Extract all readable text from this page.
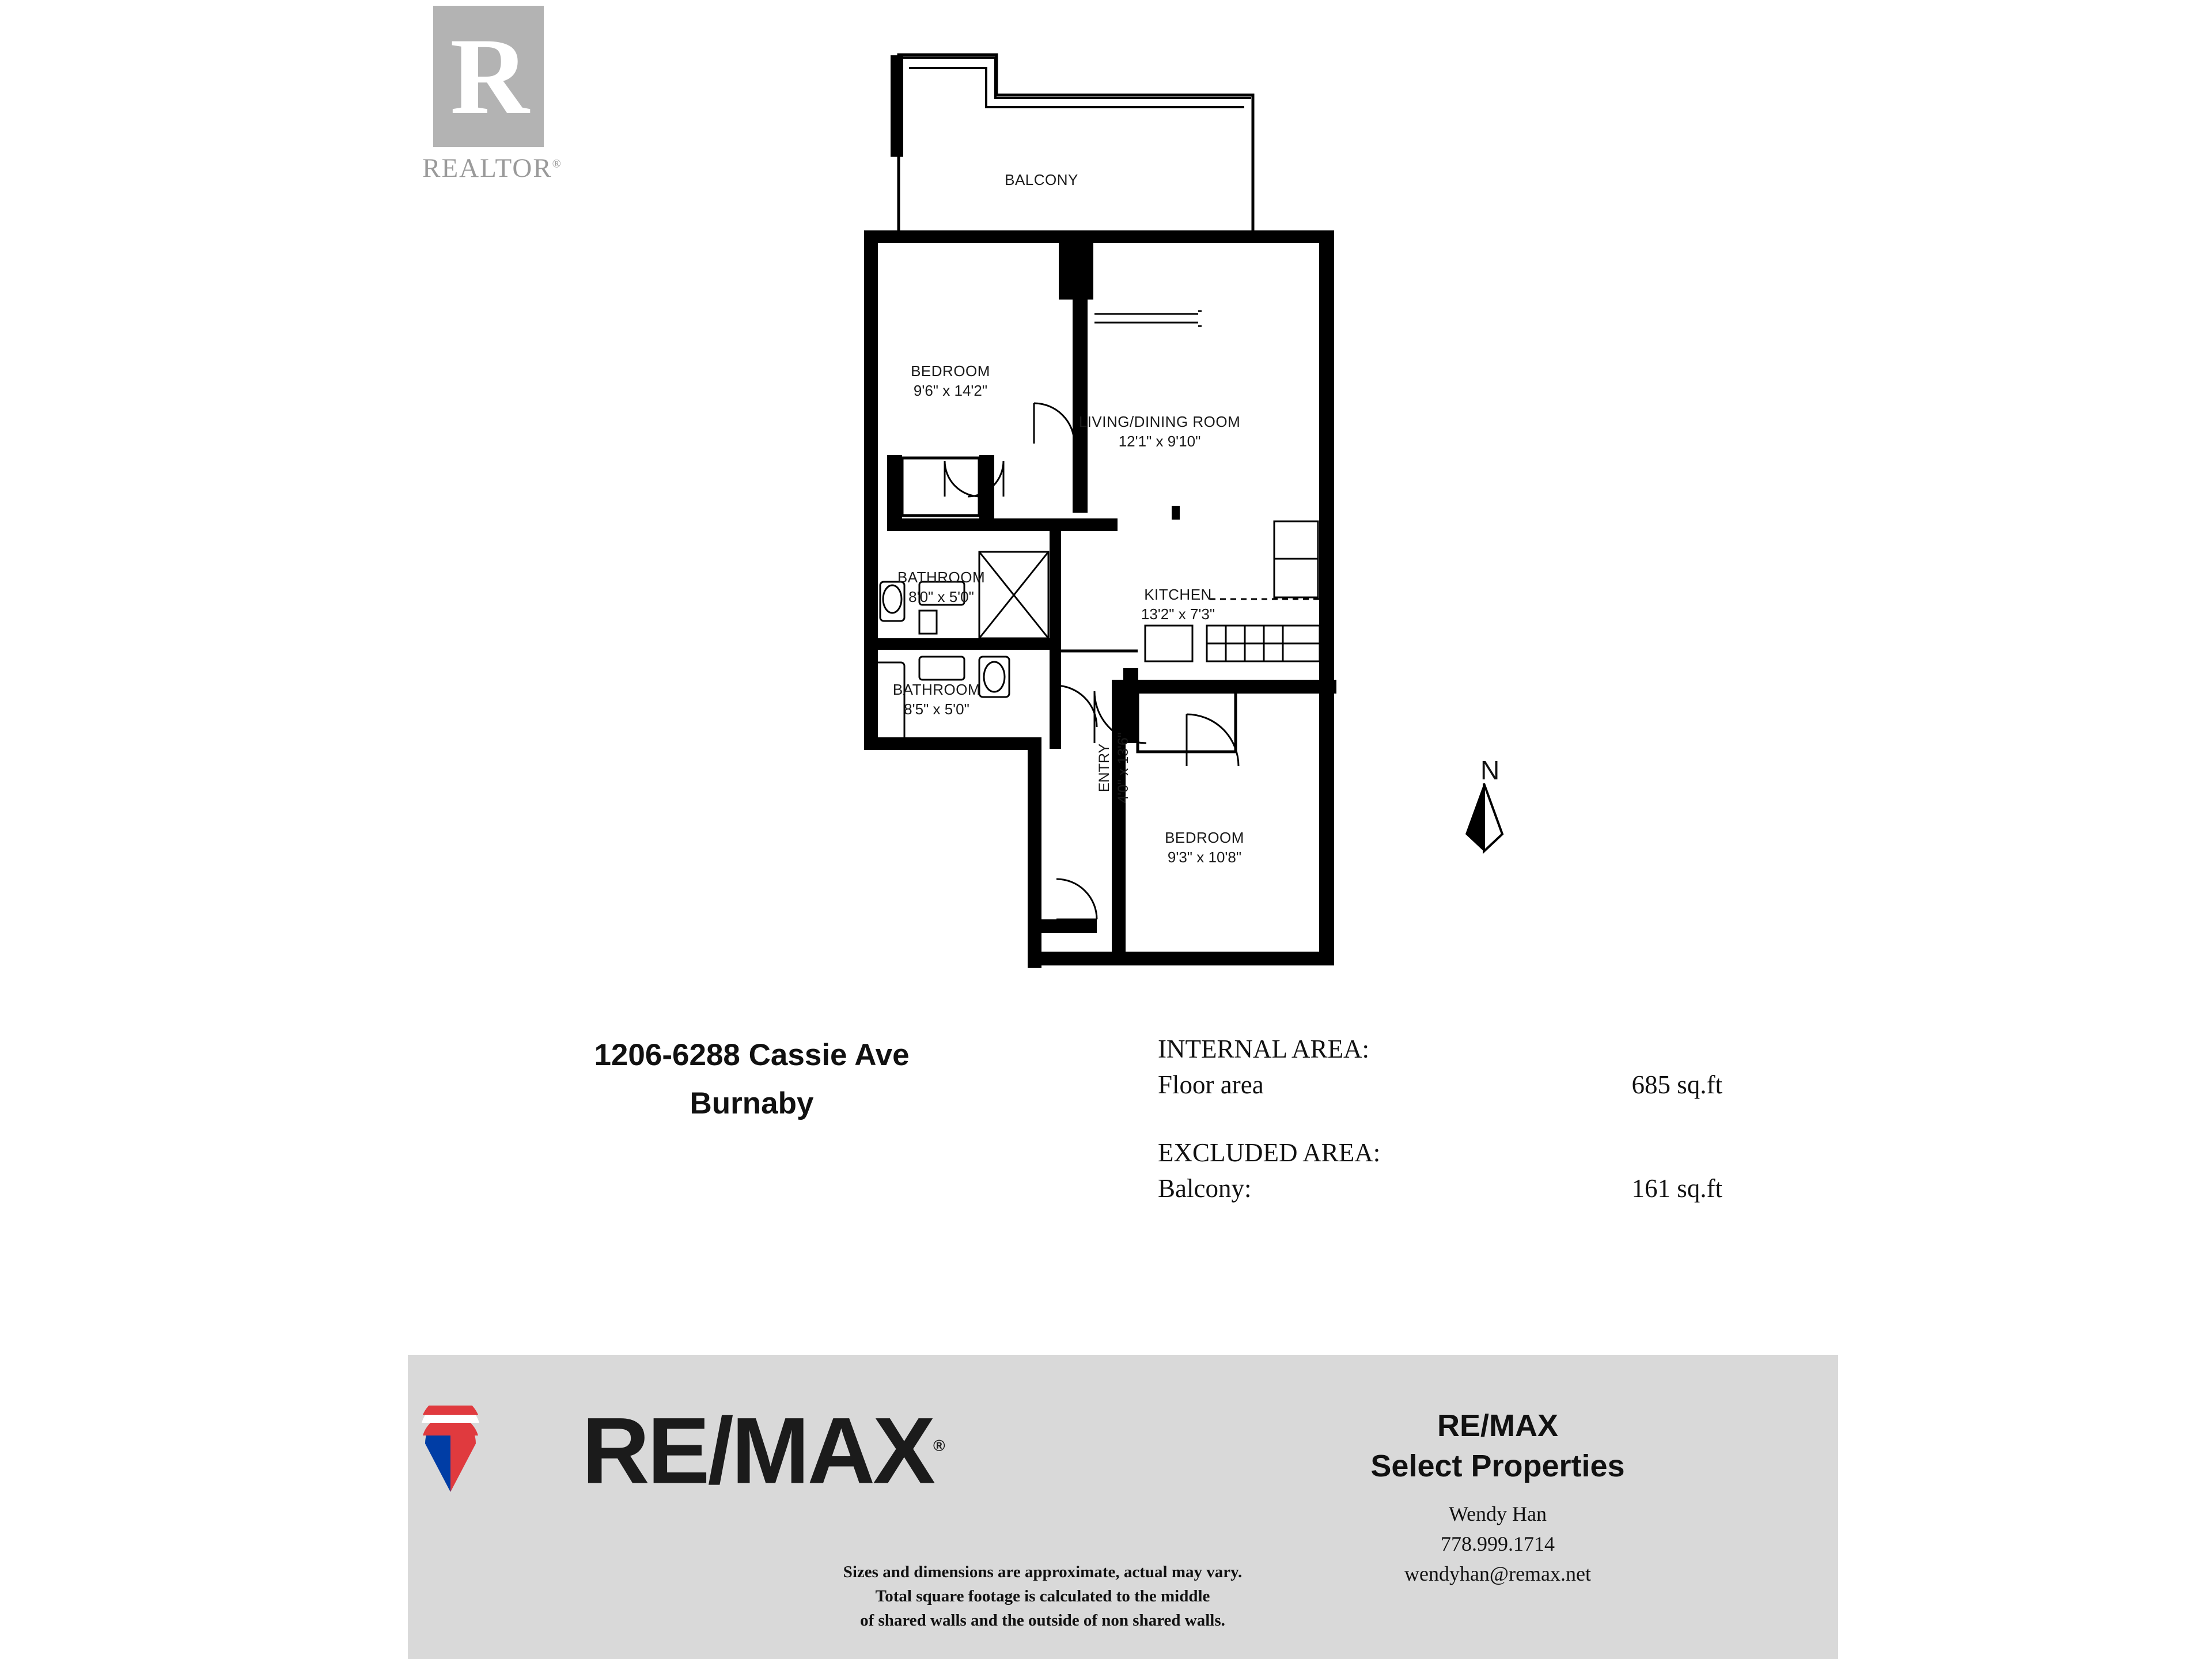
R
REALTOR®
BALCONY
BEDROOM
9'6" x 14'2"
LIVING/DINING ROOM
12'1" x 9'10"
BATHROOM
8'0" x 5'0"	KITCHEN
13'2" x 7'3"
BATHROOM
8'5" x 5'0"
ENTRY 4'0" x 13'6"
BEDROOM
9'3" x 10'8"
N
1206-6288 Cassie Ave
Burnaby
INTERNAL AREA:
Floor area	685 sq.ft
EXCLUDED AREA:
Balcony:	161 sq.ft
RE/MAX®
Sizes and dimensions are approximate, actual may vary.
Total square footage is calculated to the middle
of shared walls and the outside of non shared walls.
RE/MAX
Select Properties
Wendy Han
778.999.1714
wendyhan@remax.net
